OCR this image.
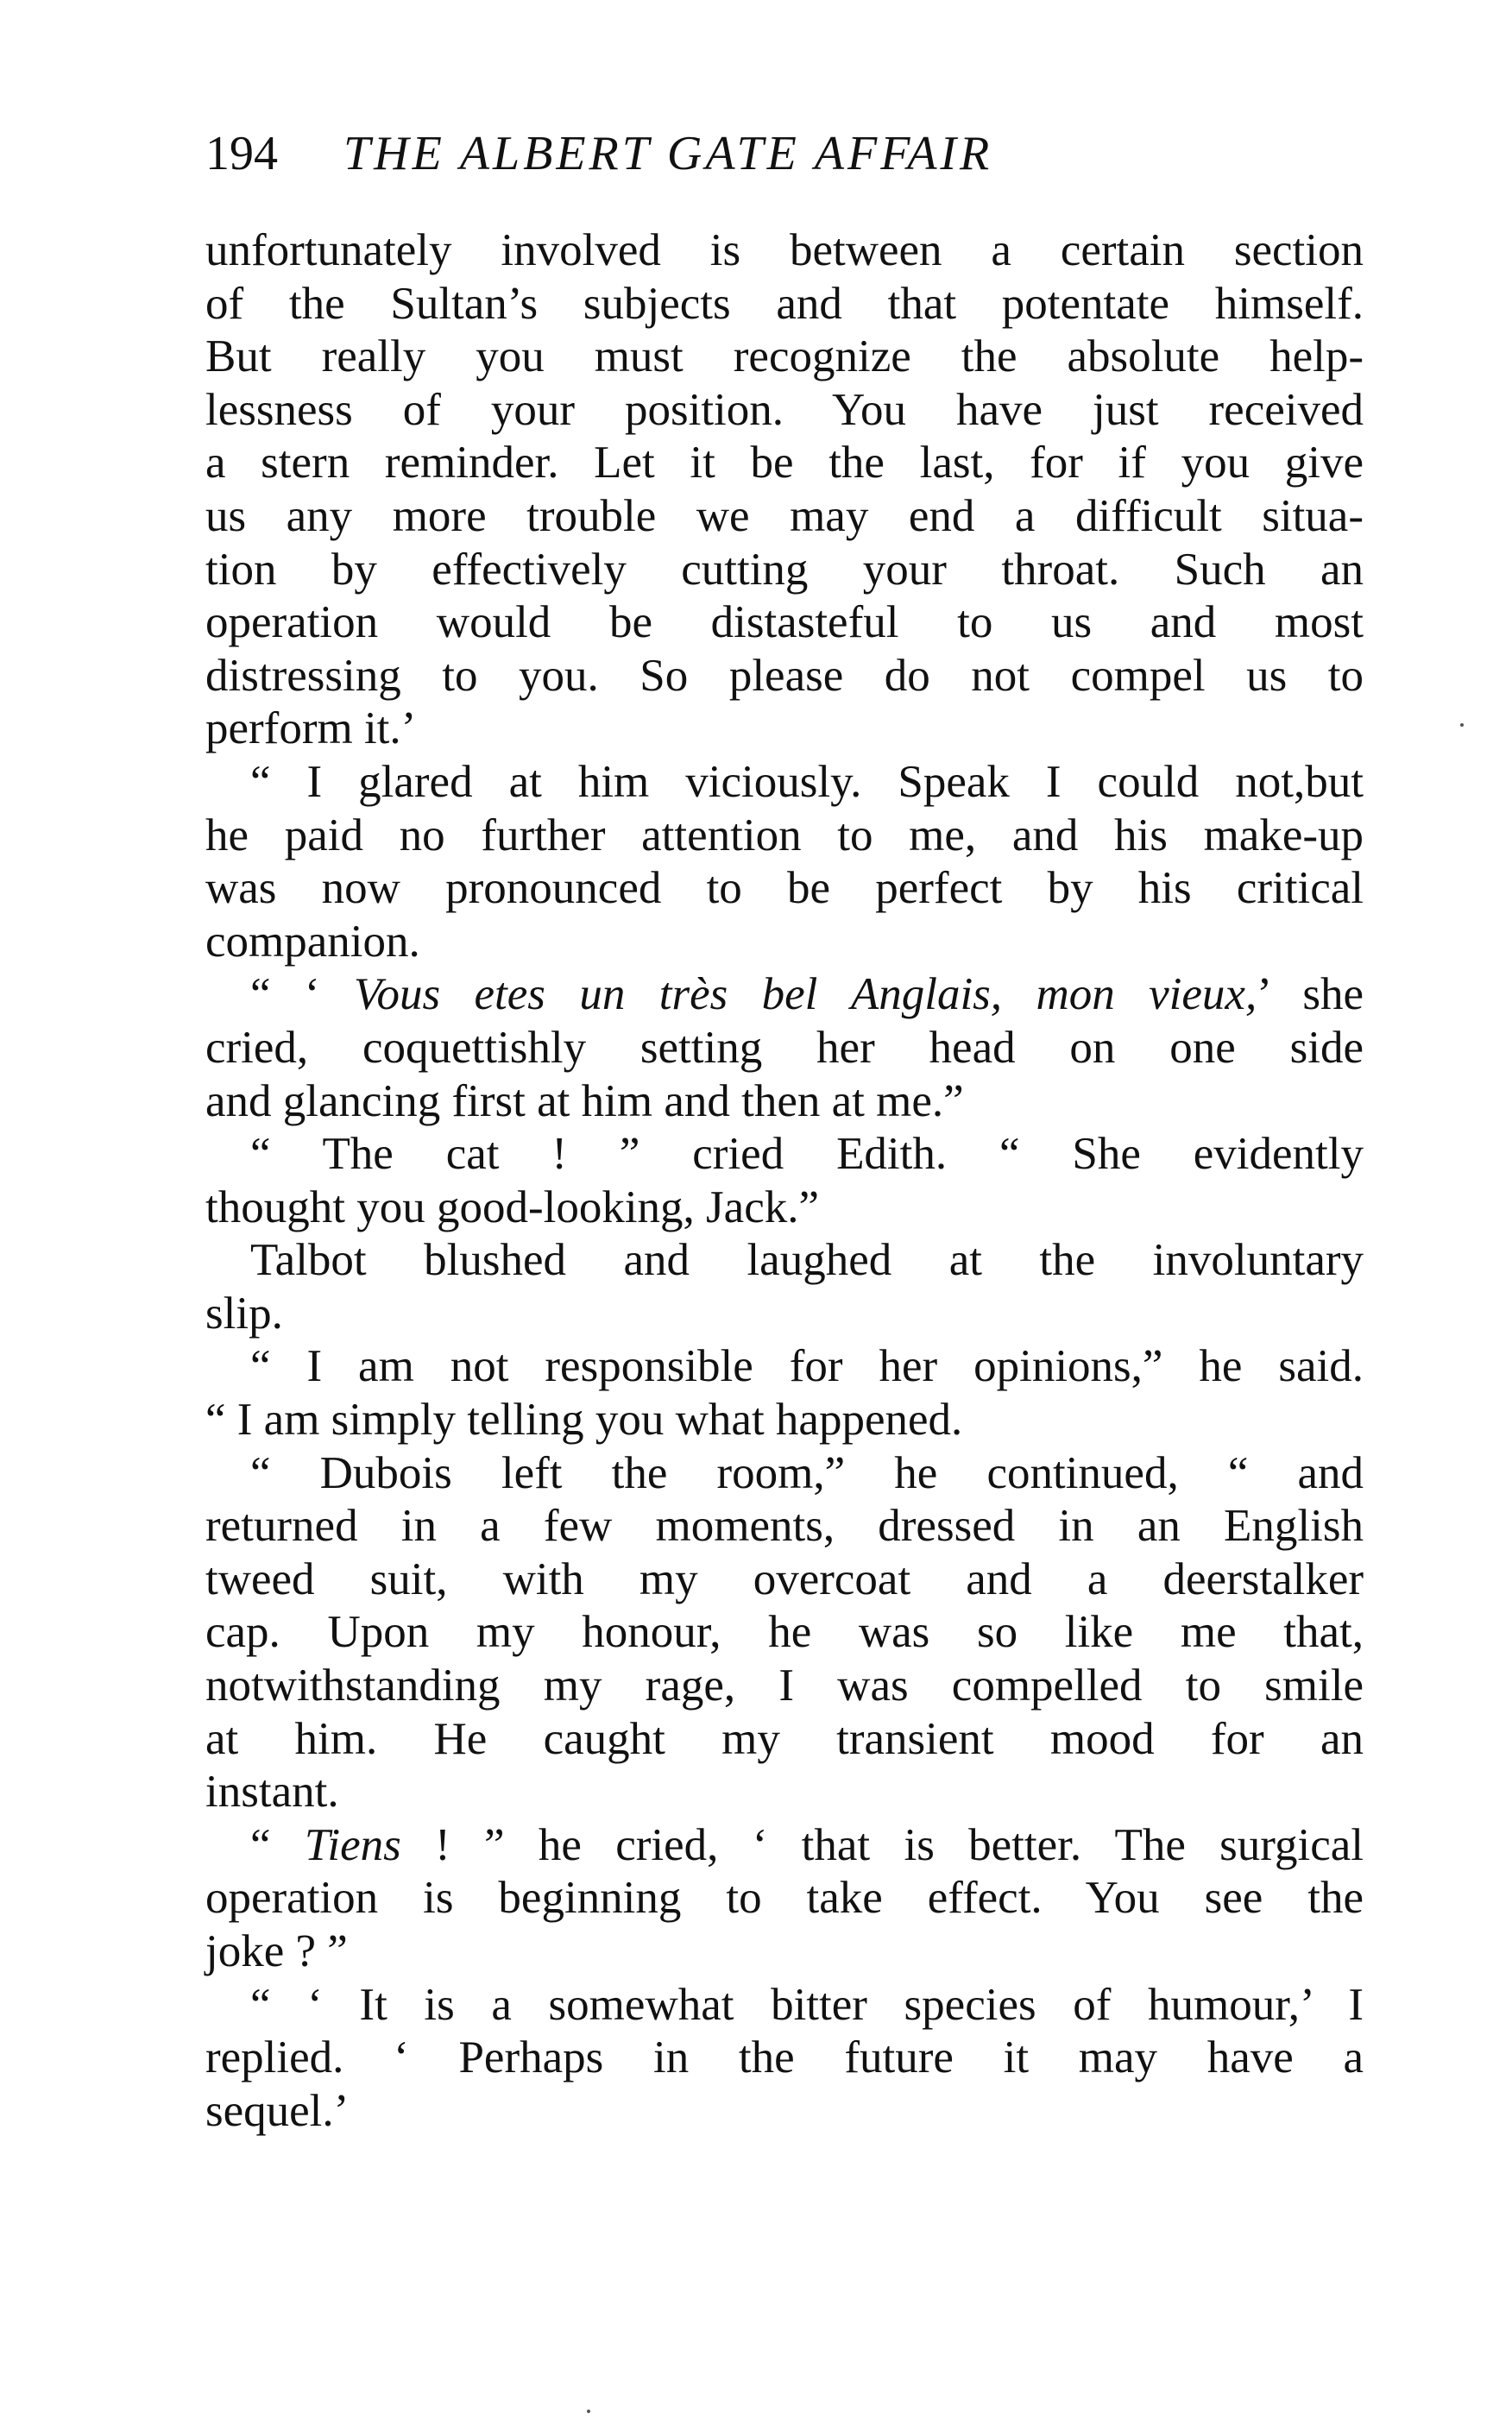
194 THE ALBERT GATE AFFAIR
unfortunately involved is between a certain section
of the Sultan’s subjects and that potentate himself.
But really you must recognize the absolute help-
lessness of your position. You have just received
a stern reminder. Let it be the last, for if you give
us any more trouble we may end a difficult situa-
tion by effectively cutting your throat. Such an
operation would be distasteful to us and most
distressing to you. So please do not compel us to
perform it.’
“ I glared at him viciously. Speak I could not,but
he paid no further attention to me, and his make-up
was now pronounced to be perfect by his critical
companion.
“ ‘ Vous etes un très bel Anglais, mon vieux,’ she
cried, coquettishly setting her head on one side
and glancing first at him and then at me.”
“ The cat ! ” cried Edith. “ She evidently
thought you good-looking, Jack.”
Talbot blushed and laughed at the involuntary
slip.
“ I am not responsible for her opinions,” he said.
“ I am simply telling you what happened.
“ Dubois left the room,” he continued, “ and
returned in a few moments, dressed in an English
tweed suit, with my overcoat and a deerstalker
cap. Upon my honour, he was so like me that,
notwithstanding my rage, I was compelled to smile
at him. He caught my transient mood for an
instant.
“ Tiens ! ” he cried, ‘ that is better. The surgical
operation is beginning to take effect. You see the
joke ? ”
“ ‘ It is a somewhat bitter species of humour,’ I
replied. ‘ Perhaps in the future it may have a
sequel.’
